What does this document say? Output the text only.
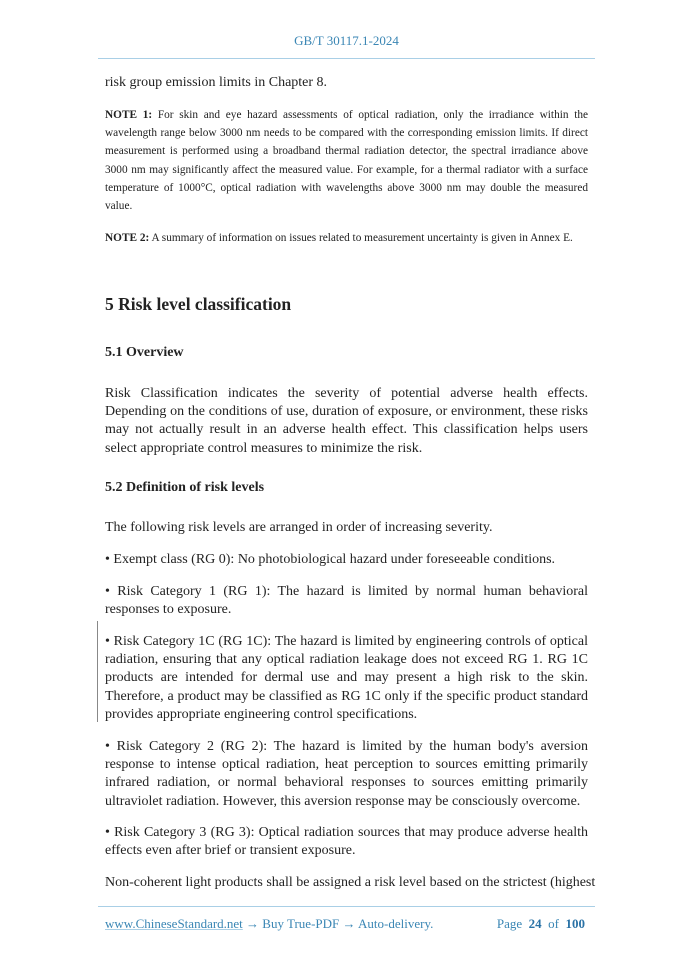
GB/T 30117.1-2024
risk group emission limits in Chapter 8.
NOTE 1: For skin and eye hazard assessments of optical radiation, only the irradiance within the wavelength range below 3000 nm needs to be compared with the corresponding emission limits. If direct measurement is performed using a broadband thermal radiation detector, the spectral irradiance above 3000 nm may significantly affect the measured value. For example, for a thermal radiator with a surface temperature of 1000°C, optical radiation with wavelengths above 3000 nm may double the measured value.
NOTE 2: A summary of information on issues related to measurement uncertainty is given in Annex E.
5 Risk level classification
5.1 Overview
Risk Classification indicates the severity of potential adverse health effects. Depending on the conditions of use, duration of exposure, or environment, these risks may not actually result in an adverse health effect. This classification helps users select appropriate control measures to minimize the risk.
5.2 Definition of risk levels
The following risk levels are arranged in order of increasing severity.
• Exempt class (RG 0): No photobiological hazard under foreseeable conditions.
• Risk Category 1 (RG 1): The hazard is limited by normal human behavioral responses to exposure.
• Risk Category 1C (RG 1C): The hazard is limited by engineering controls of optical radiation, ensuring that any optical radiation leakage does not exceed RG 1. RG 1C products are intended for dermal use and may present a high risk to the skin. Therefore, a product may be classified as RG 1C only if the specific product standard provides appropriate engineering control specifications.
• Risk Category 2 (RG 2): The hazard is limited by the human body's aversion response to intense optical radiation, heat perception to sources emitting primarily infrared radiation, or normal behavioral responses to sources emitting primarily ultraviolet radiation. However, this aversion response may be consciously overcome.
• Risk Category 3 (RG 3): Optical radiation sources that may produce adverse health effects even after brief or transient exposure.
Non-coherent light products shall be assigned a risk level based on the strictest (highest
www.ChineseStandard.net → Buy True-PDF → Auto-delivery.	Page 24 of 100
